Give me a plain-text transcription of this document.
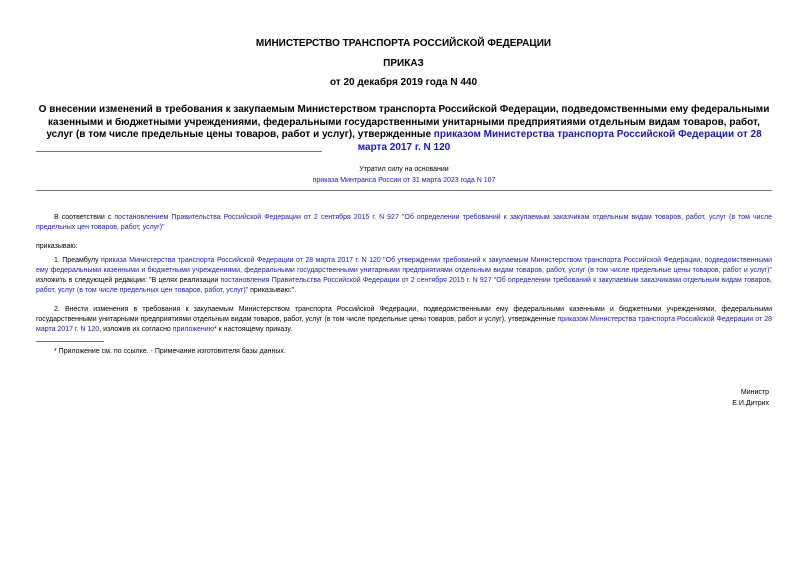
МИНИСТЕРСТВО ТРАНСПОРТА РОССИЙСКОЙ ФЕДЕРАЦИИ
ПРИКАЗ
от 20 декабря 2019 года N 440
О внесении изменений в требования к закупаемым Министерством транспорта Российской Федерации, подведомственными ему федеральными казенными и бюджетными учреждениями, федеральными государственными унитарными предприятиями отдельным видам товаров, работ, услуг (в том числе предельные цены товаров, работ и услуг), утвержденные приказом Министерства транспорта Российской Федерации от 28 марта 2017 г. N 120
Утратил силу на основании
приказа Минтранса России от 31 марта 2023 года N 107
В соответствии с постановлением Правительства Российской Федерации от 2 сентября 2015 г. N 927 "Об определении требований к закупаемым заказчикам отдельным видам товаров, работ, услуг (в том числе предельных цен товаров, работ, услуг)"
приказываю:
1. Преамбулу приказа Министерства транспорта Российской Федерации от 28 марта 2017 г. N 120 "Об утверждении требований к закупаемым Министерством транспорта Российской Федерации, подведомственными ему федеральными казенными и бюджетными учреждениями, федеральными государственными унитарными предприятиями отдельным видам товаров, работ, услуг (в том числе предельные цены товаров, работ и услуг)" изложить в следующей редакции: "В целях реализации постановления Правительства Российской Федерации от 2 сентября 2015 г. N 927 "Об определении требований к закупаемым заказчиками отдельным видам товаров, работ, услуг (в том числе предельных цен товаров, работ, услуг)" приказываю:".
2. Внести изменения в требования к закупаемым Министерством транспорта Российской Федерации, подведомственными ему федеральными казенными и бюджетными учреждениями, федеральными государственными унитарными предприятиями отдельным видам товаров, работ, услуг (в том числе предельные цены товаров, работ и услуг), утвержденные приказом Министерства транспорта Российской Федерации от 28 марта 2017 г. N 120, изложив их согласно приложению* к настоящему приказу.
* Приложение см. по ссылке. - Примечание изготовителя базы данных.
Министр
Е.И.Дитрих
